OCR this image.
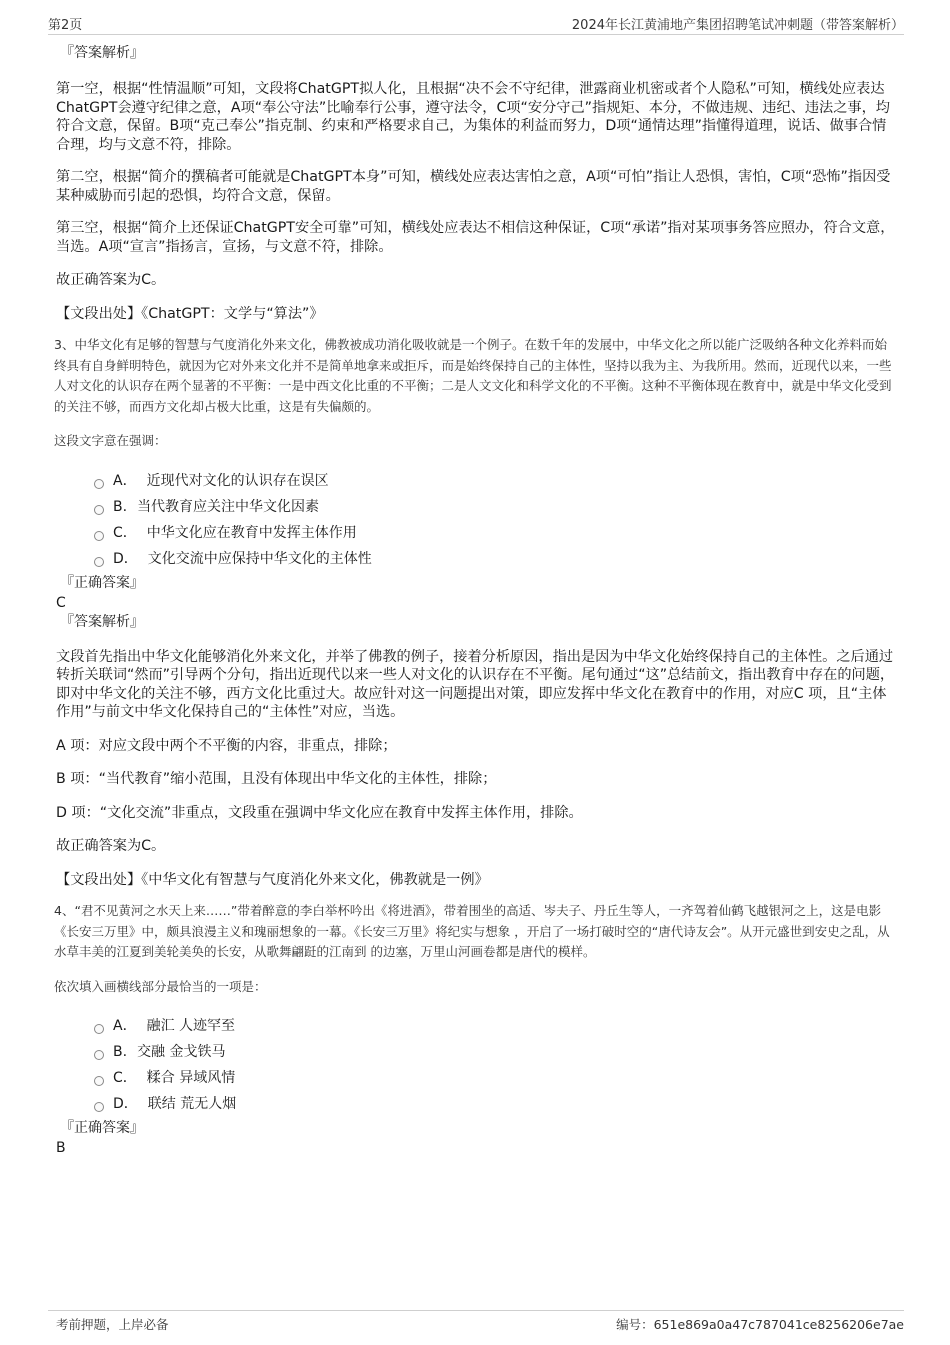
第2页	2024年长江黄浦地产集团招聘笔试冲刺题（带答案解析）

『答案解析』

第一空，根据“性情温顺”可知，文段将ChatGPT拟人化，且根据“决不会不守纪律，泄露商业机密或者个人隐私”可知，横线处应表达ChatGPT会遵守纪律之意，A项“奉公守法”比喻奉行公事，遵守法令，C项“安分守己”指规矩、本分，不做违规、违纪、违法之事，均符合文意，保留。B项“克己奉公”指克制、约束和严格要求自己，为集体的利益而努力，D项“通情达理”指懂得道理，说话、做事合情合理，均与文意不符，排除。

第二空，根据“简介的撰稿者可能就是ChatGPT本身”可知，横线处应表达害怕之意，A项“可怕”指让人恐惧，害怕，C项“恐怖”指因受某种威胁而引起的恐惧，均符合文意，保留。

第三空，根据“简介上还保证ChatGPT安全可靠”可知，横线处应表达不相信这种保证，C项“承诺”指对某项事务答应照办，符合文意，当选。A项“宣言”指扬言，宣扬，与文意不符，排除。

故正确答案为C。

【文段出处】《ChatGPT：文学与“算法”》

3、中华文化有足够的智慧与气度消化外来文化，佛教被成功消化吸收就是一个例子。在数千年的发展中，中华文化之所以能广泛吸纳各种文化养料而始终具有自身鲜明特色，就因为它对外来文化并不是简单地拿来或拒斥，而是始终保持自己的主体性，坚持以我为主、为我所用。然而，近现代以来，一些人对文化的认识存在两个显著的不平衡：一是中西文化比重的不平衡；二是人文文化和科学文化的不平衡。这种不平衡体现在教育中，就是中华文化受到的关注不够，而西方文化却占极大比重，这是有失偏颇的。

这段文字意在强调：

A． 近现代对文化的认识存在误区
B. 当代教育应关注中华文化因素
C． 中华文化应在教育中发挥主体作用
D． 文化交流中应保持中华文化的主体性

『正确答案』

C

『答案解析』

文段首先指出中华文化能够消化外来文化，并举了佛教的例子，接着分析原因，指出是因为中华文化始终保持自己的主体性。之后通过转折关联词“然而”引导两个分句，指出近现代以来一些人对文化的认识存在不平衡。尾句通过“这”总结前文，指出教育中存在的问题，即对中华文化的关注不够，西方文化比重过大。故应针对这一问题提出对策，即应发挥中华文化在教育中的作用，对应C 项，且“主体作用”与前文中华文化保持自己的“主体性”对应，当选。

A 项：对应文段中两个不平衡的内容，非重点，排除；

B 项：“当代教育”缩小范围，且没有体现出中华文化的主体性，排除；

D 项：“文化交流”非重点，文段重在强调中华文化应在教育中发挥主体作用，排除。

故正确答案为C。

【文段出处】《中华文化有智慧与气度消化外来文化，佛教就是一例》

4、“君不见黄河之水天上来……”带着醉意的李白举杯吟出《将进酒》，带着围坐的高适、岑夫子、丹丘生等人，一齐驾着仙鹤飞越银河之上，这是电影《长安三万里》中，颇具浪漫主义和瑰丽想象的一幕。《长安三万里》将纪实与想象 ，开启了一场打破时空的“唐代诗友会”。从开元盛世到安史之乱，从水草丰美的江夏到美轮美奂的长安，从歌舞翩跹的江南到 的边塞，万里山河画卷都是唐代的模样。

依次填入画横线部分最恰当的一项是：

A． 融汇 人迹罕至
B. 交融 金戈铁马
C． 糅合 异域风情
D． 联结 荒无人烟

『正确答案』

B

考前押题，上岸必备	编号：651e869a0a47c787041ce8256206e7ae
